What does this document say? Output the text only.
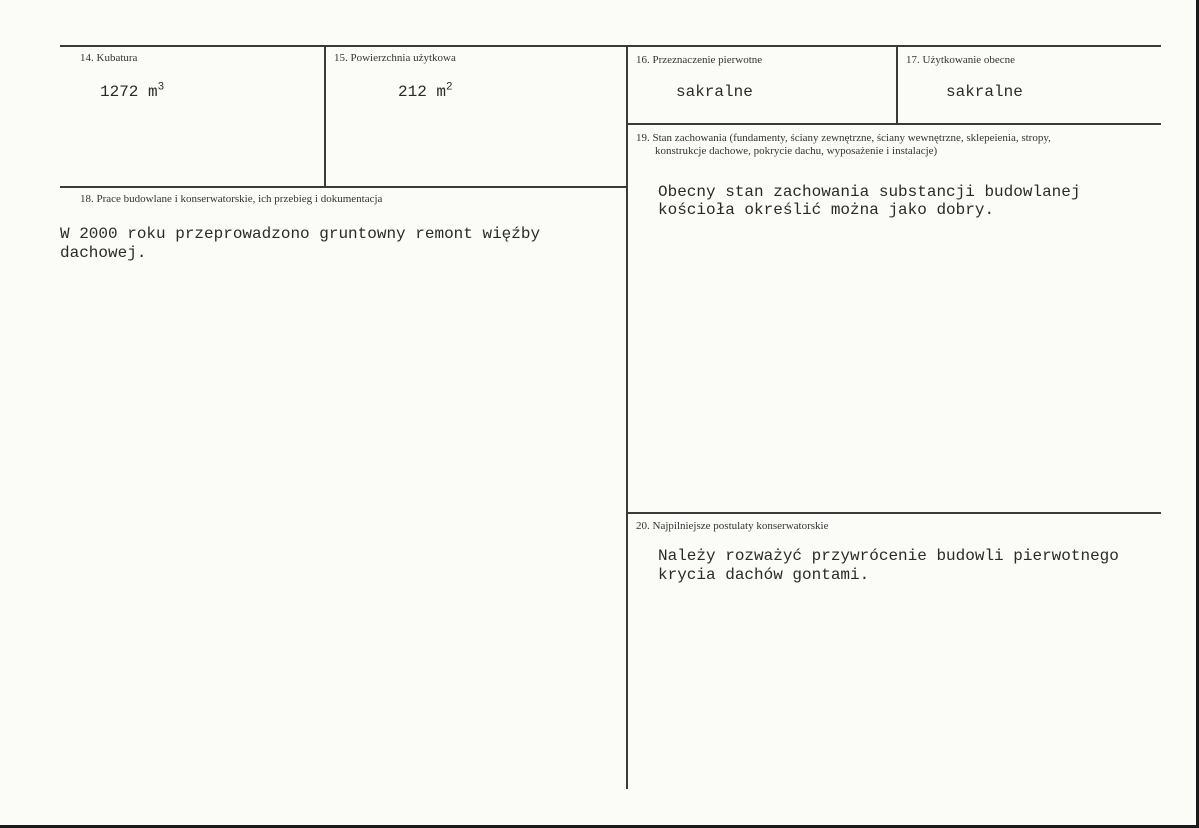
14. Kubatura
1272 $m^3$
15. Powierzchnia użytkowa
212 $m^2$
16. Przeznaczenie pierwotne
sakralne
17. Użytkowanie obecne
sakralne
18. Prace budowlane i konserwatorskie, ich przebieg i dokumentacja
W 2000 roku przeprowadzono gruntowny remont więźby
dachowej.
19. Stan zachowania (fundamenty, ściany zewnętrzne, ściany wewnętrzne, sklepeienia, stropy,
konstrukcje dachowe, pokrycie dachu, wyposażenie i instalacje)
Obecny stan zachowania substancji budowlanej
kościoła określić można jako dobry.
20. Najpilniejsze postulaty konserwatorskie
Należy rozważyć przywrócenie budowli pierwotnego
krycia dachów gontami.
